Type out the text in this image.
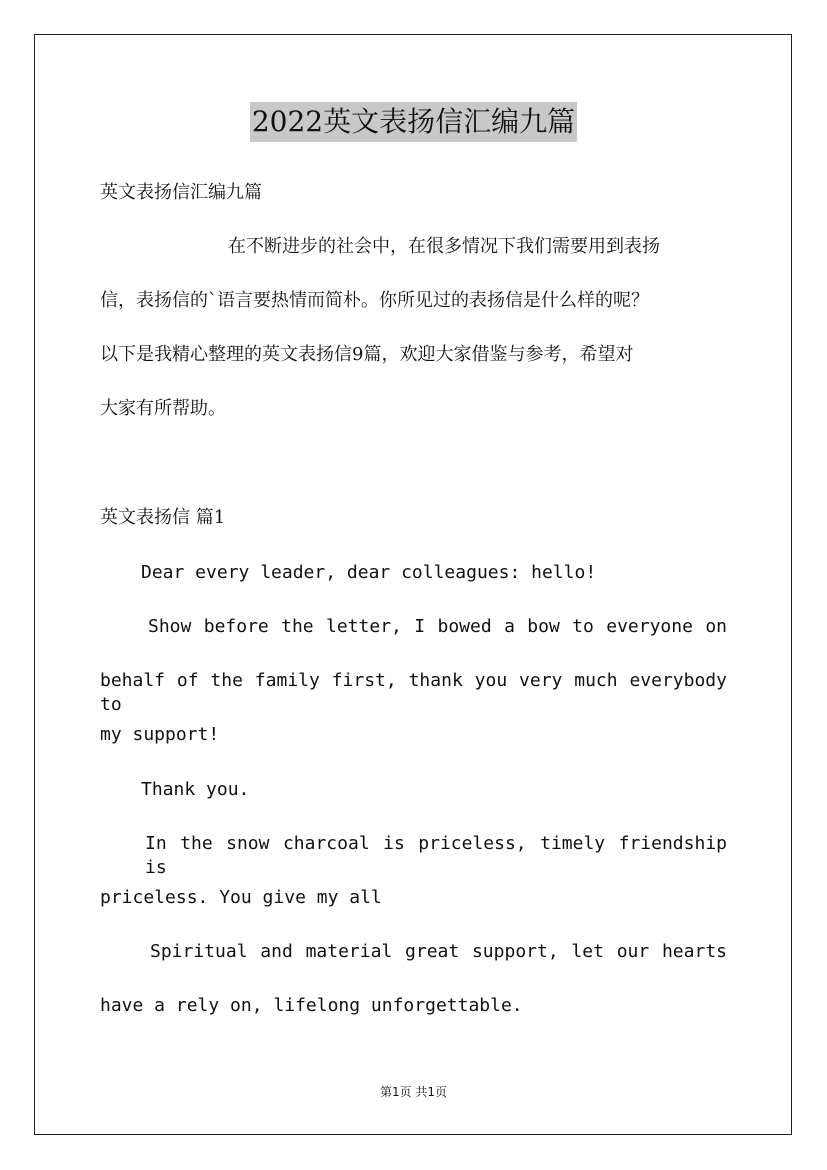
2022英文表扬信汇编九篇
英文表扬信汇编九篇
在不断进步的社会中，在很多情况下我们需要用到表扬
信，表扬信的`语言要热情而简朴。你所见过的表扬信是什么样的呢？
以下是我精心整理的英文表扬信9篇，欢迎大家借鉴与参考，希望对
大家有所帮助。
英文表扬信 篇1
Dear every leader, dear colleagues: hello!
Show before the letter, I bowed a bow to everyone on
behalf of the family first, thank you very much everybody to
my support!
Thank you.
In the snow charcoal is priceless, timely friendship is
priceless. You give my all
Spiritual and material great support, let our hearts
have a rely on, lifelong unforgettable.
第1页 共1页
